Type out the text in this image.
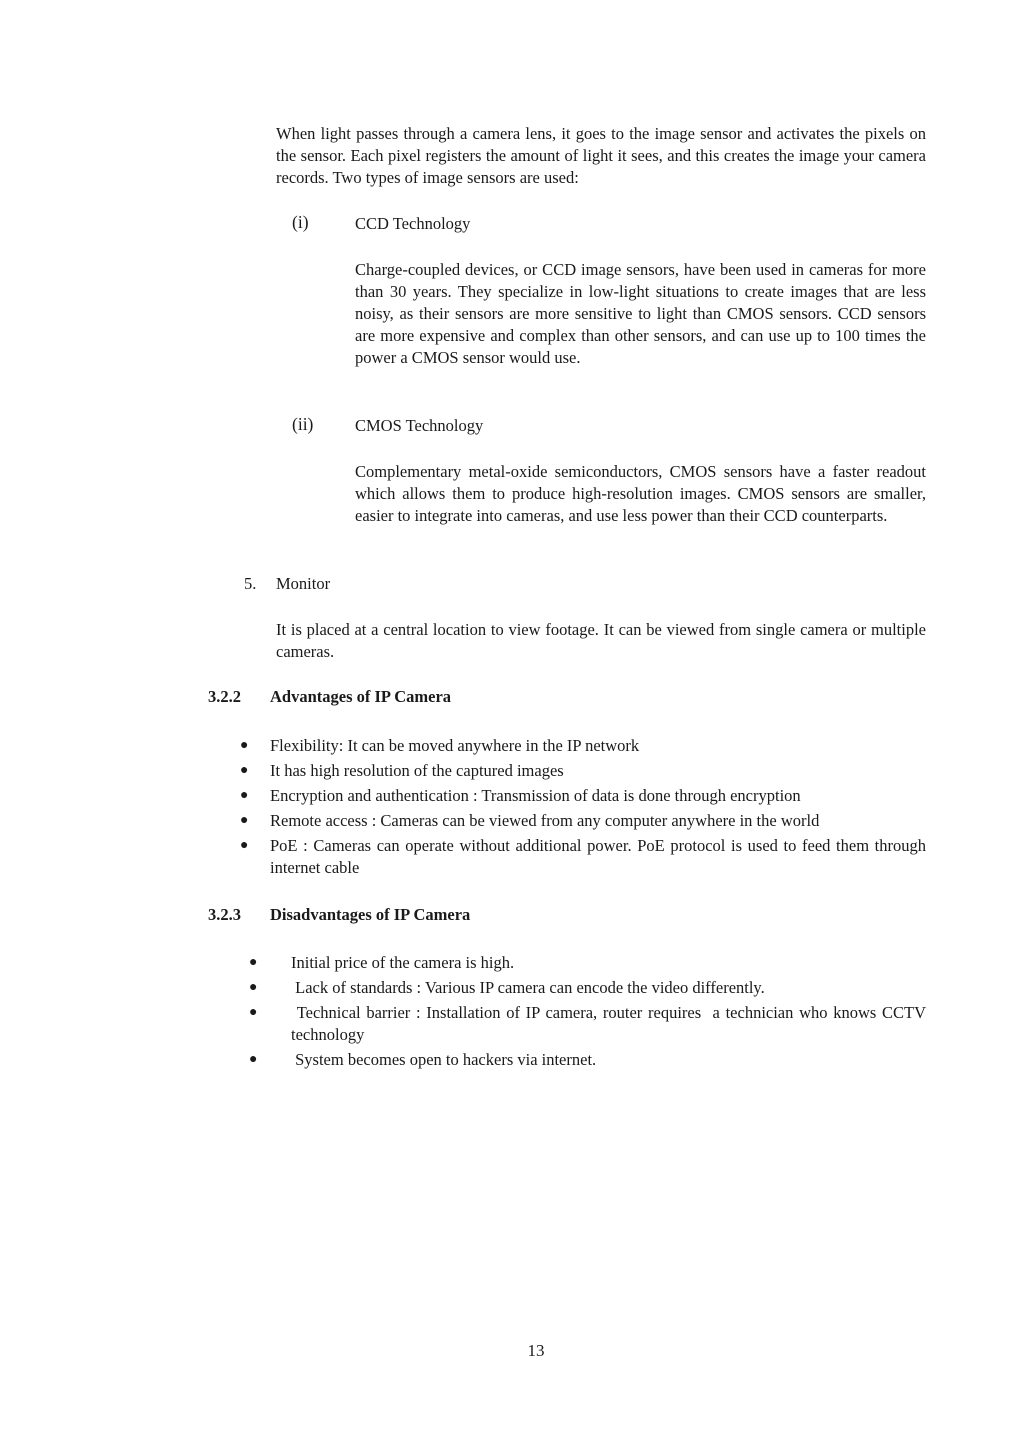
When light passes through a camera lens, it goes to the image sensor and activates the pixels on the sensor. Each pixel registers the amount of light it sees, and this creates the image your camera records. Two types of image sensors are used:

(i)	CCD Technology

Charge-coupled devices, or CCD image sensors, have been used in cameras for more than 30 years. They specialize in low-light situations to create images that are less noisy, as their sensors are more sensitive to light than CMOS sensors. CCD sensors are more expensive and complex than other sensors, and can use up to 100 times the power a CMOS sensor would use.

(ii)	CMOS Technology

Complementary metal-oxide semiconductors, CMOS sensors have a faster readout which allows them to produce high-resolution images. CMOS sensors are smaller, easier to integrate into cameras, and use less power than their CCD counterparts.

5. Monitor

It is placed at a central location to view footage. It can be viewed from single camera or multiple cameras.

3.2.2 Advantages of IP Camera
● Flexibility: It can be moved anywhere in the IP network
● It has high resolution of the captured images
● Encryption and authentication : Transmission of data is done through encryption
● Remote access : Cameras can be viewed from any computer anywhere in the world
● PoE : Cameras can operate without additional power. PoE protocol is used to feed them through internet cable
3.2.3 Disadvantages of IP Camera
● Initial price of the camera is high.
● Lack of standards : Various IP camera can encode the video differently.
● Technical barrier : Installation of IP camera, router requires  a technician who knows CCTV technology
● System becomes open to hackers via internet.
13
